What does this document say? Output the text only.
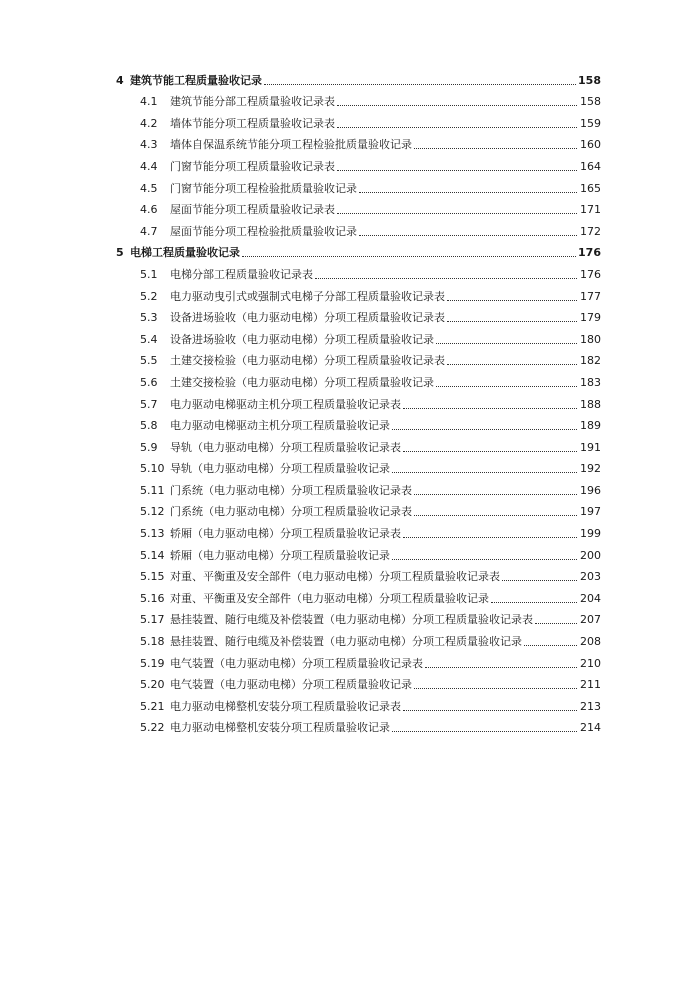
4 建筑节能工程质量验收记录	158
4.1	建筑节能分部工程质量验收记录表	158
4.2	墙体节能分项工程质量验收记录表	159
4.3	墙体自保温系统节能分项工程检验批质量验收记录	160
4.4	门窗节能分项工程质量验收记录表	164
4.5	门窗节能分项工程检验批质量验收记录	165
4.6	屋面节能分项工程质量验收记录表	171
4.7	屋面节能分项工程检验批质量验收记录	172
5 电梯工程质量验收记录	176
5.1	电梯分部工程质量验收记录表	176
5.2	电力驱动曳引式或强制式电梯子分部工程质量验收记录表	177
5.3	设备进场验收（电力驱动电梯）分项工程质量验收记录表	179
5.4	设备进场验收（电力驱动电梯）分项工程质量验收记录	180
5.5	土建交接检验（电力驱动电梯）分项工程质量验收记录表	182
5.6	土建交接检验（电力驱动电梯）分项工程质量验收记录	183
5.7	电力驱动电梯驱动主机分项工程质量验收记录表	188
5.8	电力驱动电梯驱动主机分项工程质量验收记录	189
5.9	导轨（电力驱动电梯）分项工程质量验收记录表	191
5.10 导轨（电力驱动电梯）分项工程质量验收记录	192
5.11 门系统（电力驱动电梯）分项工程质量验收记录表	196
5.12 门系统（电力驱动电梯）分项工程质量验收记录表	197
5.13 轿厢（电力驱动电梯）分项工程质量验收记录表	199
5.14 轿厢（电力驱动电梯）分项工程质量验收记录	200
5.15 对重、平衡重及安全部件（电力驱动电梯）分项工程质量验收记录表	203
5.16 对重、平衡重及安全部件（电力驱动电梯）分项工程质量验收记录	204
5.17 悬挂装置、随行电缆及补偿装置（电力驱动电梯）分项工程质量验收记录表	207
5.18 悬挂装置、随行电缆及补偿装置（电力驱动电梯）分项工程质量验收记录	208
5.19 电气装置（电力驱动电梯）分项工程质量验收记录表	210
5.20 电气装置（电力驱动电梯）分项工程质量验收记录	211
5.21 电力驱动电梯整机安装分项工程质量验收记录表	213
5.22 电力驱动电梯整机安装分项工程质量验收记录	214
